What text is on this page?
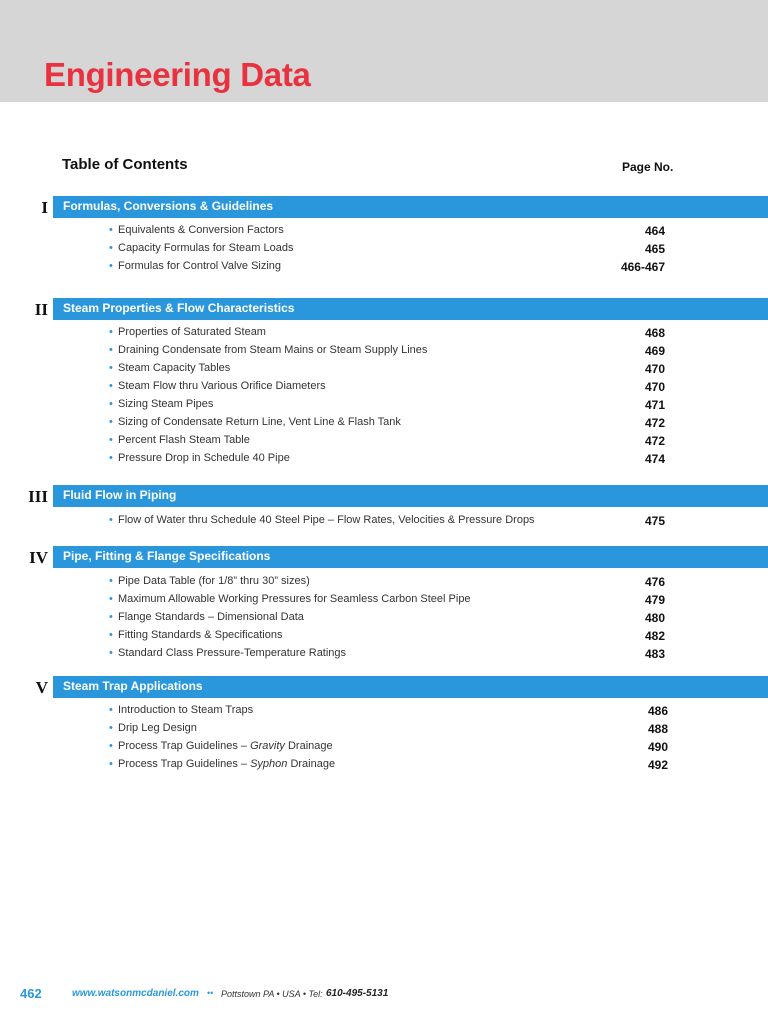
Engineering Data
Table of Contents	Page No.
I Formulas, Conversions & Guidelines
• Equivalents & Conversion Factors	464
• Capacity Formulas for Steam Loads	465
• Formulas for Control Valve Sizing	466-467
II Steam Properties & Flow Characteristics
• Properties of Saturated Steam	468
• Draining Condensate from Steam Mains or Steam Supply Lines	469
• Steam Capacity Tables	470
• Steam Flow thru Various Orifice Diameters	470
• Sizing Steam Pipes	471
• Sizing of Condensate Return Line, Vent Line & Flash Tank	472
• Percent Flash Steam Table	472
• Pressure Drop in Schedule 40 Pipe	474
III Fluid Flow in Piping
• Flow of Water thru Schedule 40 Steel Pipe – Flow Rates, Velocities & Pressure Drops	475
IV Pipe, Fitting & Flange Specifications
• Pipe Data Table (for 1/8” thru 30” sizes)	476
• Maximum Allowable Working Pressures for Seamless Carbon Steel Pipe	479
• Flange Standards – Dimensional Data	480
• Fitting Standards & Specifications	482
• Standard Class Pressure-Temperature Ratings	483
V Steam Trap Applications
• Introduction to Steam Traps	486
• Drip Leg Design	488
• Process Trap Guidelines – Gravity Drainage	490
• Process Trap Guidelines – Syphon Drainage	492
462	www.watsonmcdaniel.com •• Pottstown PA • USA • Tel: 610-495-5131
